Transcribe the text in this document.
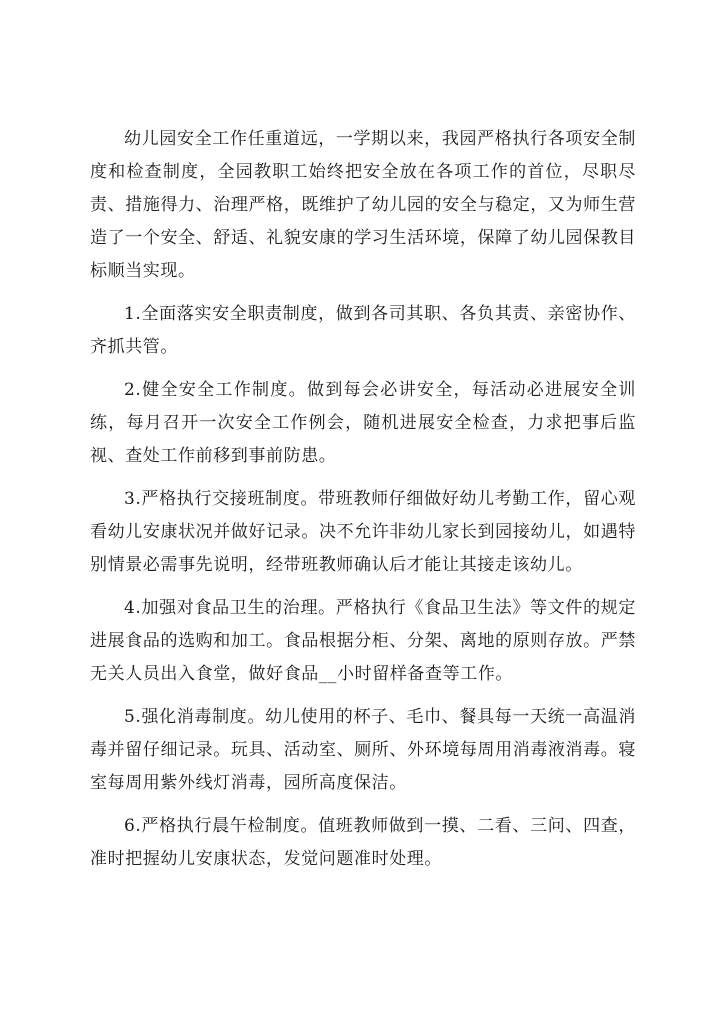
幼儿园安全工作任重道远，一学期以来，我园严格执行各项安全制度和检查制度，全园教职工始终把安全放在各项工作的首位，尽职尽责、措施得力、治理严格，既维护了幼儿园的安全与稳定，又为师生营造了一个安全、舒适、礼貌安康的学习生活环境，保障了幼儿园保教目标顺当实现。

1.全面落实安全职责制度，做到各司其职、各负其责、亲密协作、齐抓共管。

2.健全安全工作制度。做到每会必讲安全，每活动必进展安全训练，每月召开一次安全工作例会，随机进展安全检查，力求把事后监视、查处工作前移到事前防患。

3.严格执行交接班制度。带班教师仔细做好幼儿考勤工作，留心观看幼儿安康状况并做好记录。决不允许非幼儿家长到园接幼儿，如遇特别情景必需事先说明，经带班教师确认后才能让其接走该幼儿。

4.加强对食品卫生的治理。严格执行《食品卫生法》等文件的规定进展食品的选购和加工。食品根据分柜、分架、离地的原则存放。严禁无关人员出入食堂，做好食品__小时留样备查等工作。

5.强化消毒制度。幼儿使用的杯子、毛巾、餐具每一天统一高温消毒并留仔细记录。玩具、活动室、厕所、外环境每周用消毒液消毒。寝室每周用紫外线灯消毒，园所高度保洁。

6.严格执行晨午检制度。值班教师做到一摸、二看、三问、四查，准时把握幼儿安康状态，发觉问题准时处理。
